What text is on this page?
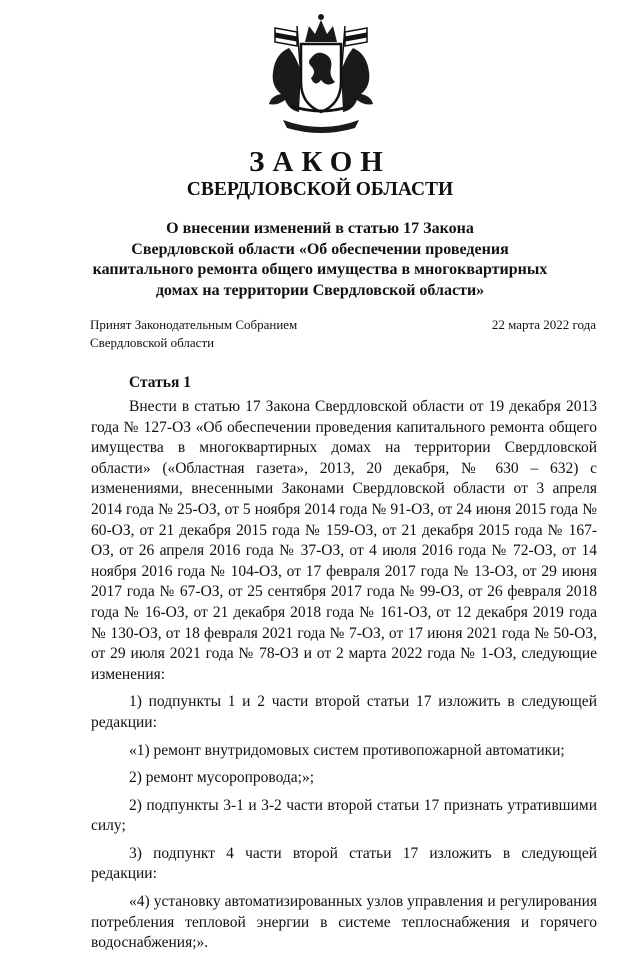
ЗАКОН
СВЕРДЛОВСКОЙ ОБЛАСТИ
О внесении изменений в статью 17 Закона
Свердловской области «Об обеспечении проведения
капитального ремонта общего имущества в многоквартирных
домах на территории Свердловской области»
Принят Законодательным Собранием
Свердловской области
22 марта 2022 года
Статья 1

Внести в статью 17 Закона Свердловской области от 19 декабря 2013 года № 127-ОЗ «Об обеспечении проведения капитального ремонта общего имущества в многоквартирных домах на территории Свердловской области» («Областная газета», 2013, 20 декабря, № 630 – 632) с изменениями, внесенными Законами Свердловской области от 3 апреля 2014 года № 25-ОЗ, от 5 ноября 2014 года № 91-ОЗ, от 24 июня 2015 года № 60-ОЗ, от 21 декабря 2015 года № 159-ОЗ, от 21 декабря 2015 года № 167-ОЗ, от 26 апреля 2016 года № 37-ОЗ, от 4 июля 2016 года № 72-ОЗ, от 14 ноября 2016 года № 104-ОЗ, от 17 февраля 2017 года № 13-ОЗ, от 29 июня 2017 года № 67-ОЗ, от 25 сентября 2017 года № 99-ОЗ, от 26 февраля 2018 года № 16-ОЗ, от 21 декабря 2018 года № 161-ОЗ, от 12 декабря 2019 года № 130-ОЗ, от 18 февраля 2021 года № 7-ОЗ, от 17 июня 2021 года № 50-ОЗ, от 29 июля 2021 года № 78-ОЗ и от 2 марта 2022 года № 1-ОЗ, следующие изменения:

1) подпункты 1 и 2 части второй статьи 17 изложить в следующей редакции:

«1) ремонт внутридомовых систем противопожарной автоматики;

2) ремонт мусоропровода;»;

2) подпункты 3-1 и 3-2 части второй статьи 17 признать утратившими силу;

3) подпункт 4 части второй статьи 17 изложить в следующей редакции:

«4) установку автоматизированных узлов управления и регулирования потребления тепловой энергии в системе теплоснабжения и горячего водоснабжения;».
